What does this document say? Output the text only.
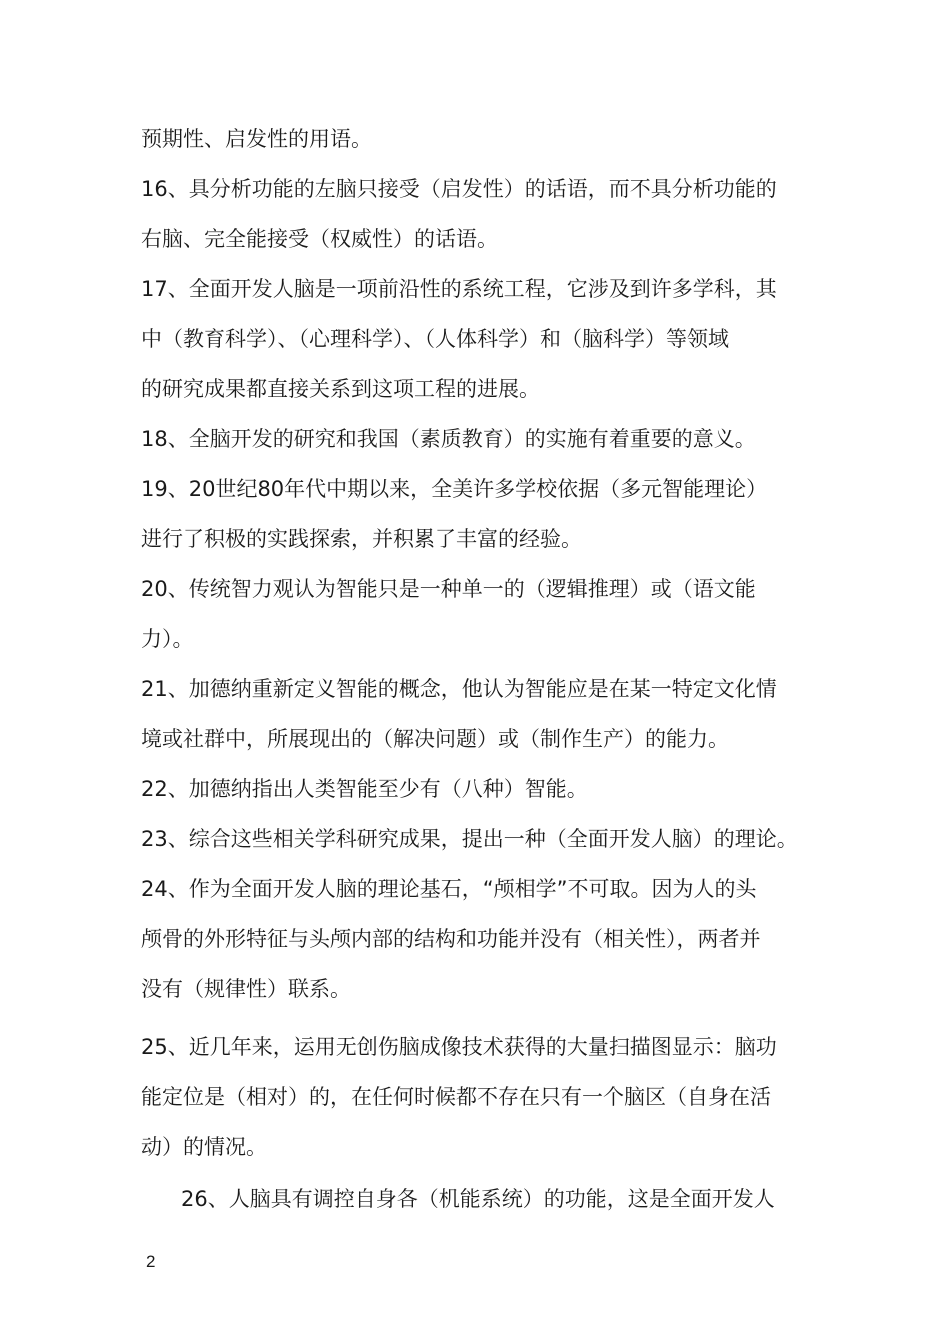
预期性、启发性的用语。
16、具分析功能的左脑只接受（启发性）的话语，而不具分析功能的
右脑、完全能接受（权威性）的话语。
17、全面开发人脑是一项前沿性的系统工程，它涉及到许多学科，其
中（教育科学）、（心理科学）、（人体科学）和（脑科学）等领域
的研究成果都直接关系到这项工程的进展。
18、全脑开发的研究和我国（素质教育）的实施有着重要的意义。
19、20世纪80年代中期以来，全美许多学校依据（多元智能理论）
进行了积极的实践探索，并积累了丰富的经验。
20、传统智力观认为智能只是一种单一的（逻辑推理）或（语文能
力）。
21、加德纳重新定义智能的概念，他认为智能应是在某一特定文化情
境或社群中，所展现出的（解决问题）或（制作生产）的能力。
22、加德纳指出人类智能至少有（八种）智能。
23、综合这些相关学科研究成果，提出一种（全面开发人脑）的理论。
24、作为全面开发人脑的理论基石，“颅相学”不可取。因为人的头
颅骨的外形特征与头颅内部的结构和功能并没有（相关性），两者并
没有（规律性）联系。
25、近几年来，运用无创伤脑成像技术获得的大量扫描图显示：脑功
能定位是（相对）的，在任何时候都不存在只有一个脑区（自身在活
动）的情况。
26、人脑具有调控自身各（机能系统）的功能，这是全面开发人
2
